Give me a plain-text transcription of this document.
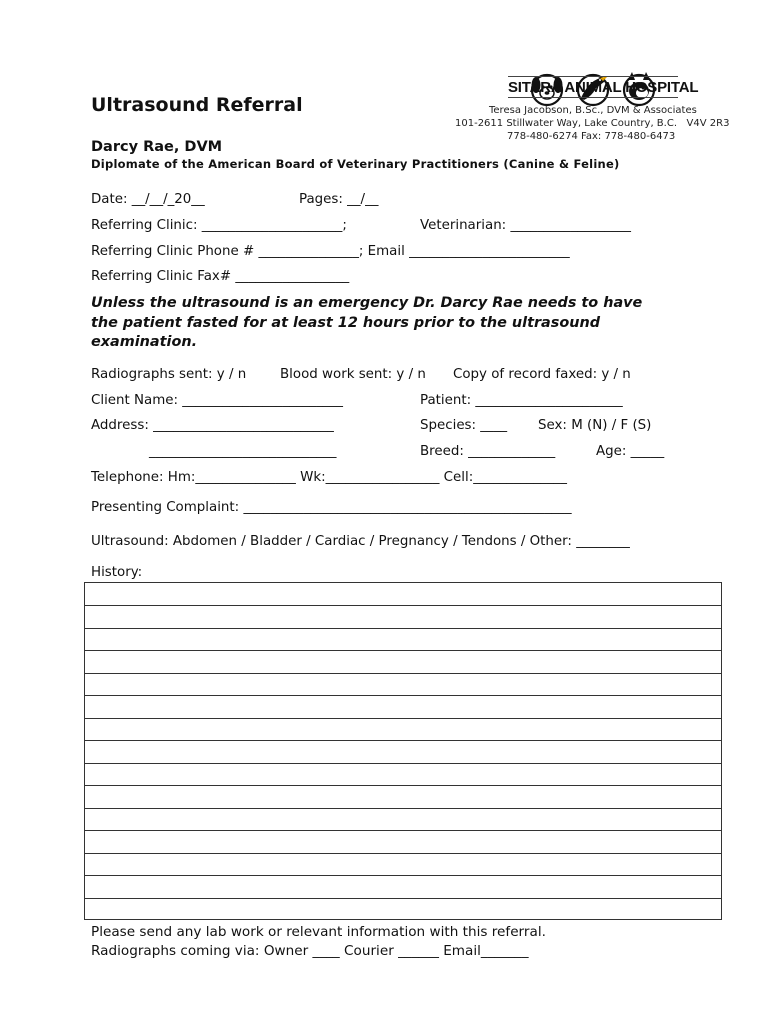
SITARA ANIMAL HOSPITAL
Ultrasound Referral	Teresa Jacobson, B.Sc., DVM & Associates
101-2611 Stillwater Way, Lake Country, B.C.   V4V 2R3
778-480-6274 Fax: 778-480-6473
Darcy Rae, DVM
Diplomate of the American Board of Veterinary Practitioners (Canine & Feline)
Date: __/__/_20__	Pages: __/__
Referring Clinic: _____________________;	Veterinarian: __________________
Referring Clinic Phone # _______________; Email ________________________
Referring Clinic Fax# _________________
Unless the ultrasound is an emergency Dr. Darcy Rae needs to have
the patient fasted for at least 12 hours prior to the ultrasound
examination.
Radiographs sent: y / n	Blood work sent: y / n Copy of record faxed: y / n
Client Name: ________________________	Patient: ______________________
Address: ___________________________	Species: ____ Sex: M (N) / F (S)
____________________________	Breed: _____________	Age: _____
Telephone: Hm:_______________ Wk:_________________ Cell:______________
Presenting Complaint: _________________________________________________
Ultrasound: Abdomen / Bladder / Cardiac / Pregnancy / Tendons / Other: ________
History:
Please send any lab work or relevant information with this referral.
Radiographs coming via: Owner ____ Courier ______ Email_______
